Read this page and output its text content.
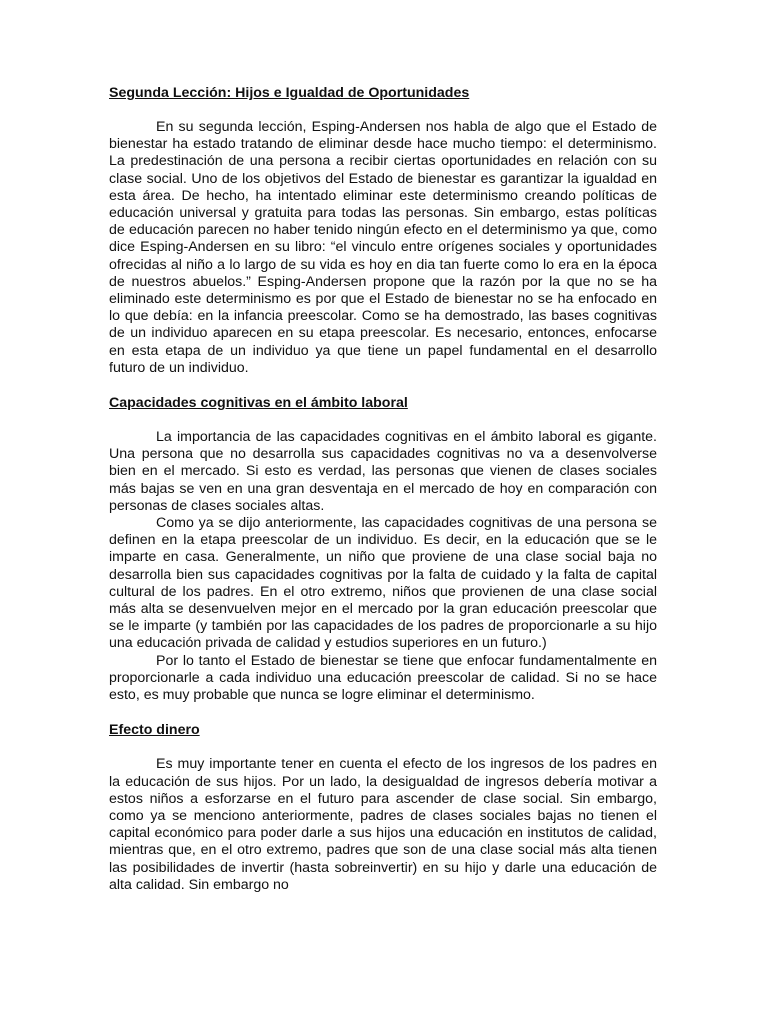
Segunda Lección: Hijos e Igualdad de Oportunidades

En su segunda lección, Esping-Andersen nos habla de algo que el Estado de bienestar ha estado tratando de eliminar desde hace mucho tiempo: el determinismo. La predestinación de una persona a recibir ciertas oportunidades en relación con su clase social. Uno de los objetivos del Estado de bienestar es garantizar la igualdad en esta área. De hecho, ha intentado eliminar este determinismo creando políticas de educación universal y gratuita para todas las personas. Sin embargo, estas políticas de educación parecen no haber tenido ningún efecto en el determinismo ya que, como dice Esping-Andersen en su libro: “el vinculo entre orígenes sociales y oportunidades ofrecidas al niño a lo largo de su vida es hoy en dia tan fuerte como lo era en la época de nuestros abuelos.” Esping-Andersen propone que la razón por la que no se ha eliminado este determinismo es por que el Estado de bienestar no se ha enfocado en lo que debía: en la infancia preescolar. Como se ha demostrado, las bases cognitivas de un individuo aparecen en su etapa preescolar. Es necesario, entonces, enfocarse en esta etapa de un individuo ya que tiene un papel fundamental en el desarrollo futuro de un individuo.

Capacidades cognitivas en el ámbito laboral

La importancia de las capacidades cognitivas en el ámbito laboral es gigante. Una persona que no desarrolla sus capacidades cognitivas no va a desenvolverse bien en el mercado. Si esto es verdad, las personas que vienen de clases sociales más bajas se ven en una gran desventaja en el mercado de hoy en comparación con personas de clases sociales altas.

Como ya se dijo anteriormente, las capacidades cognitivas de una persona se definen en la etapa preescolar de un individuo. Es decir, en la educación que se le imparte en casa. Generalmente, un niño que proviene de una clase social baja no desarrolla bien sus capacidades cognitivas por la falta de cuidado y la falta de capital cultural de los padres. En el otro extremo, niños que provienen de una clase social más alta se desenvuelven mejor en el mercado por la gran educación preescolar que se le imparte (y también por las capacidades de los padres de proporcionarle a su hijo una educación privada de calidad y estudios superiores en un futuro.)

Por lo tanto el Estado de bienestar se tiene que enfocar fundamentalmente en proporcionarle a cada individuo una educación preescolar de calidad. Si no se hace esto, es muy probable que nunca se logre eliminar el determinismo.

Efecto dinero

Es muy importante tener en cuenta el efecto de los ingresos de los padres en la educación de sus hijos. Por un lado, la desigualdad de ingresos debería motivar a estos niños a esforzarse en el futuro para ascender de clase social. Sin embargo, como ya se menciono anteriormente, padres de clases sociales bajas no tienen el capital económico para poder darle a sus hijos una educación en institutos de calidad, mientras que, en el otro extremo, padres que son de una clase social más alta tienen las posibilidades de invertir (hasta sobreinvertir) en su hijo y darle una educación de alta calidad. Sin embargo no
